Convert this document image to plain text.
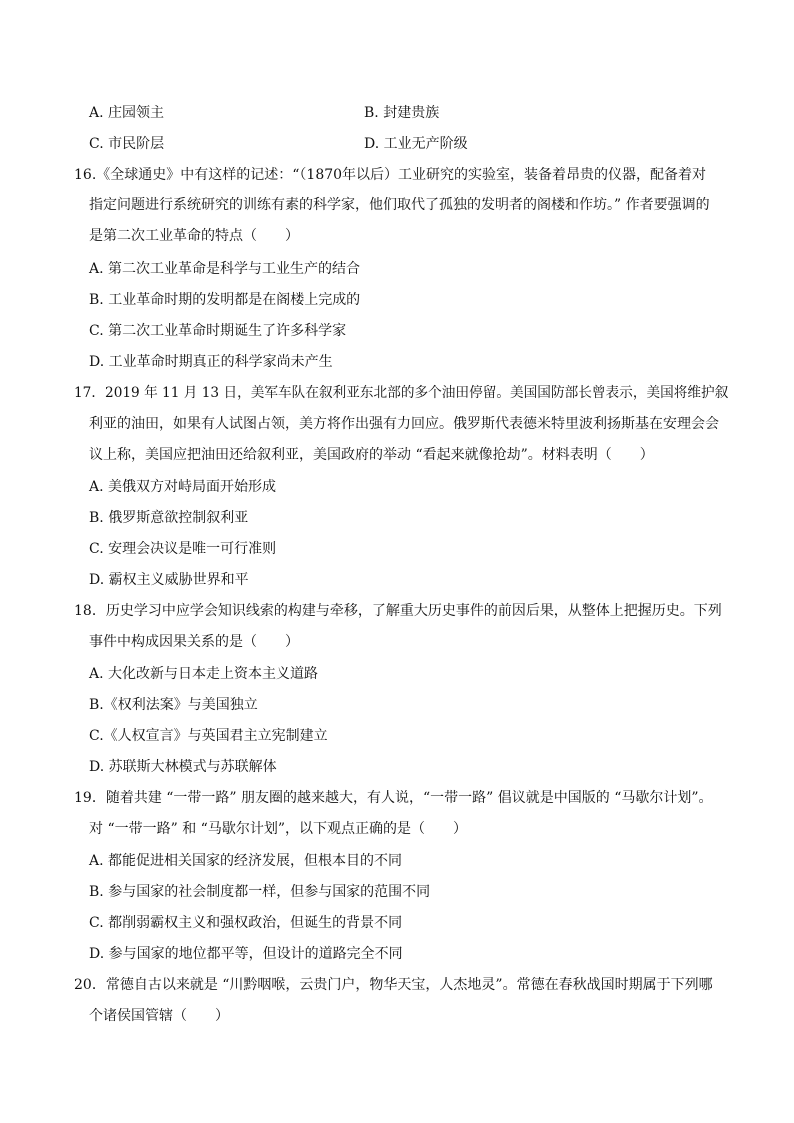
A. 庄园领主	B. 封建贵族
C. 市民阶层	D. 工业无产阶级
16.《全球通史》中有这样的记述：“（1870年以后）工业研究的实验室，装备着昂贵的仪器，配备着对
指定问题进行系统研究的训练有素的科学家，他们取代了孤独的发明者的阁楼和作坊。” 作者要强调的
是第二次工业革命的特点（　　）
A. 第二次工业革命是科学与工业生产的结合
B. 工业革命时期的发明都是在阁楼上完成的
C. 第二次工业革命时期诞生了许多科学家
D. 工业革命时期真正的科学家尚未产生
17．2019 年 11 月 13 日，美军车队在叙利亚东北部的多个油田停留。美国国防部长曾表示，美国将维护叙
利亚的油田，如果有人试图占领，美方将作出强有力回应。俄罗斯代表德米特里波利扬斯基在安理会会
议上称，美国应把油田还给叙利亚，美国政府的举动 “看起来就像抢劫”。材料表明（　　）
A. 美俄双方对峙局面开始形成
B. 俄罗斯意欲控制叙利亚
C. 安理会决议是唯一可行准则
D. 霸权主义威胁世界和平
18．历史学习中应学会知识线索的构建与牵移，了解重大历史事件的前因后果，从整体上把握历史。下列
事件中构成因果关系的是（　　）
A. 大化改新与日本走上资本主义道路
B.《权利法案》与美国独立
C.《人权宣言》与英国君主立宪制建立
D. 苏联斯大林模式与苏联解体
19．随着共建 “一带一路” 朋友圈的越来越大，有人说，“一带一路” 倡议就是中国版的 “马歇尔计划”。
对 “一带一路” 和 “马歇尔计划”，以下观点正确的是（　　）
A. 都能促进相关国家的经济发展，但根本目的不同
B. 参与国家的社会制度都一样，但参与国家的范围不同
C. 都削弱霸权主义和强权政治，但诞生的背景不同
D. 参与国家的地位都平等，但设计的道路完全不同
20．常德自古以来就是 “川黔咽喉，云贵门户，物华天宝，人杰地灵”。常德在春秋战国时期属于下列哪
个诸侯国管辖（　　）
